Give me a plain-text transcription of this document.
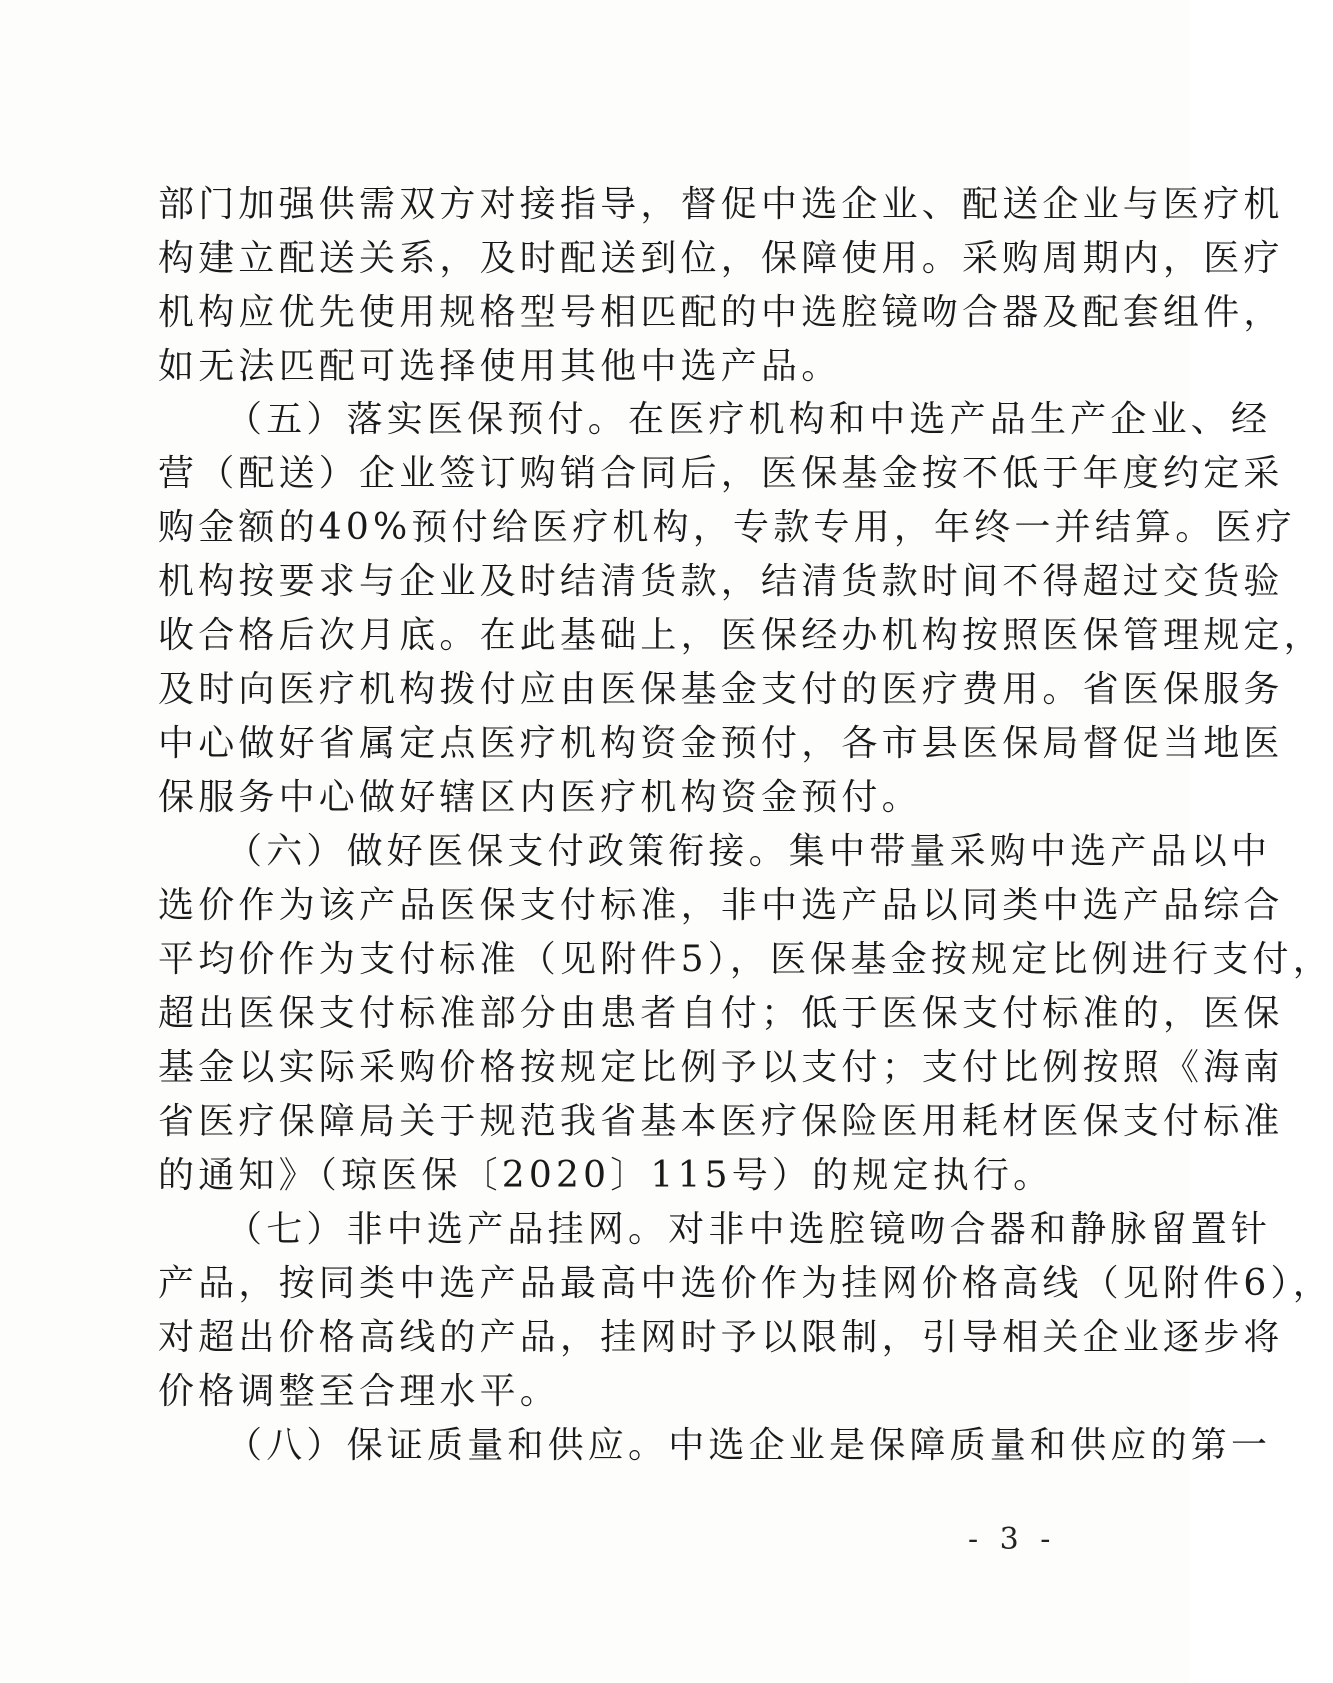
部门加强供需双方对接指导，督促中选企业、配送企业与医疗机
构建立配送关系，及时配送到位，保障使用。采购周期内，医疗
机构应优先使用规格型号相匹配的中选腔镜吻合器及配套组件，
如无法匹配可选择使用其他中选产品。
（五）落实医保预付。在医疗机构和中选产品生产企业、经
营（配送）企业签订购销合同后，医保基金按不低于年度约定采
购金额的40%预付给医疗机构，专款专用，年终一并结算。医疗
机构按要求与企业及时结清货款，结清货款时间不得超过交货验
收合格后次月底。在此基础上，医保经办机构按照医保管理规定，
及时向医疗机构拨付应由医保基金支付的医疗费用。省医保服务
中心做好省属定点医疗机构资金预付，各市县医保局督促当地医
保服务中心做好辖区内医疗机构资金预付。
（六）做好医保支付政策衔接。集中带量采购中选产品以中
选价作为该产品医保支付标准，非中选产品以同类中选产品综合
平均价作为支付标准（见附件5），医保基金按规定比例进行支付，
超出医保支付标准部分由患者自付；低于医保支付标准的，医保
基金以实际采购价格按规定比例予以支付；支付比例按照《海南
省医疗保障局关于规范我省基本医疗保险医用耗材医保支付标准
的通知》（琼医保〔2020〕115号）的规定执行。
（七）非中选产品挂网。对非中选腔镜吻合器和静脉留置针
产品，按同类中选产品最高中选价作为挂网价格高线（见附件6），
对超出价格高线的产品，挂网时予以限制，引导相关企业逐步将
价格调整至合理水平。
（八）保证质量和供应。中选企业是保障质量和供应的第一
- 3 -
